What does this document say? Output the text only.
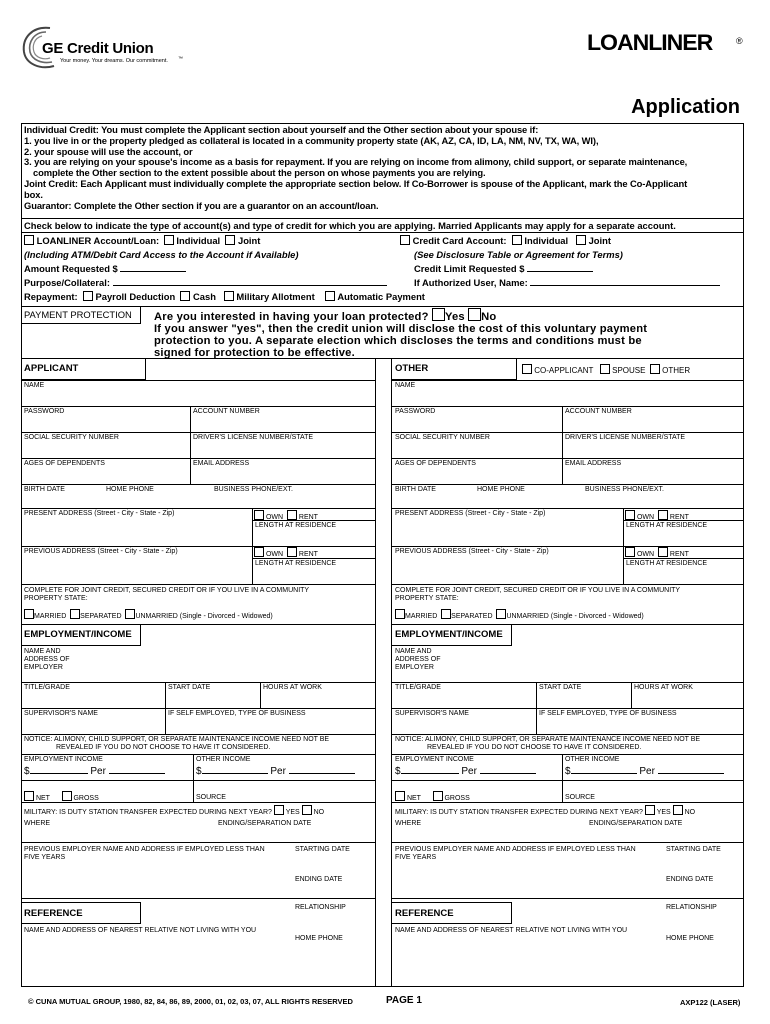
GE Credit Union
Your money. Your dreams. Our commitment. ™
LOANLINER	®
Application
Individual Credit: You must complete the Applicant section about yourself and the Other section about your spouse if:
1. you live in or the property pledged as collateral is located in a community property state (AK, AZ, CA, ID, LA, NM, NV, TX, WA, WI),
2. your spouse will use the account, or
3. you are relying on your spouse's income as a basis for repayment. If you are relying on income from alimony, child support, or separate maintenance,
complete the Other section to the extent possible about the person on whose payments you are relying.
Joint Credit: Each Applicant must individually complete the appropriate section below. If Co-Borrower is spouse of the Applicant, mark the Co-Applicant
box.
Guarantor: Complete the Other section if you are a guarantor on an account/loan.
Check below to indicate the type of account(s) and type of credit for which you are applying. Married Applicants may apply for a separate account.
LOANLINER Account/Loan: Individual Joint
(Including ATM/Debit Card Access to the Account if Available)
Amount Requested $
Purpose/Collateral:
Repayment: Payroll Deduction Cash Military Allotment Automatic Payment
Credit Card Account: Individual Joint
(See Disclosure Table or Agreement for Terms)
Credit Limit Requested $
If Authorized User, Name:
PAYMENT PROTECTION	Are you interested in having your loan protected? Yes No
If you answer "yes", then the credit union will disclose the cost of this voluntary payment
protection to you. A separate election which discloses the terms and conditions must be
signed for protection to be effective.
APPLICANT
NAME
PASSWORD	ACCOUNT NUMBER
SOCIAL SECURITY NUMBER	DRIVER'S LICENSE NUMBER/STATE
AGES OF DEPENDENTS	EMAIL ADDRESS
BIRTH DATE	HOME PHONE	BUSINESS PHONE/EXT.
PRESENT ADDRESS (Street - City - State - Zip)
OWN RENT
LENGTH AT RESIDENCE
PREVIOUS ADDRESS (Street - City - State - Zip)	OWN RENT
LENGTH AT RESIDENCE
COMPLETE FOR JOINT CREDIT, SECURED CREDIT OR IF YOU LIVE IN A COMMUNITY
PROPERTY STATE:
MARRIED SEPARATED UNMARRIED (Single - Divorced - Widowed)
EMPLOYMENT/INCOME
NAME AND
ADDRESS OF
EMPLOYER
TITLE/GRADE	START DATE	HOURS AT WORK
SUPERVISOR'S NAME	IF SELF EMPLOYED, TYPE OF BUSINESS
NOTICE: ALIMONY, CHILD SUPPORT, OR SEPARATE MAINTENANCE INCOME NEED NOT BE
REVEALED IF YOU DO NOT CHOOSE TO HAVE IT CONSIDERED.
EMPLOYMENT INCOME	OTHER INCOME
$	Per	$	Per
NET	GROSS	SOURCE
MILITARY: IS DUTY STATION TRANSFER EXPECTED DURING NEXT YEAR? YES NO
WHERE	ENDING/SEPARATION DATE
PREVIOUS EMPLOYER NAME AND ADDRESS IF EMPLOYED LESS THAN
FIVE YEARS
STARTING DATE
ENDING DATE
REFERENCE
RELATIONSHIP
NAME AND ADDRESS OF NEAREST RELATIVE NOT LIVING WITH YOU
HOME PHONE
OTHER	CO-APPLICANT SPOUSE OTHER
NAME
PASSWORD	ACCOUNT NUMBER
SOCIAL SECURITY NUMBER	DRIVER'S LICENSE NUMBER/STATE
AGES OF DEPENDENTS	EMAIL ADDRESS
BIRTH DATE	HOME PHONE	BUSINESS PHONE/EXT.
PRESENT ADDRESS (Street - City - State - Zip)
OWN RENT
LENGTH AT RESIDENCE
PREVIOUS ADDRESS (Street - City - State - Zip)	OWN RENT
LENGTH AT RESIDENCE
COMPLETE FOR JOINT CREDIT, SECURED CREDIT OR IF YOU LIVE IN A COMMUNITY
PROPERTY STATE:
MARRIED SEPARATED UNMARRIED (Single - Divorced - Widowed)
EMPLOYMENT/INCOME
NAME AND
ADDRESS OF
EMPLOYER
TITLE/GRADE	START DATE	HOURS AT WORK
SUPERVISOR'S NAME	IF SELF EMPLOYED, TYPE OF BUSINESS
NOTICE: ALIMONY, CHILD SUPPORT, OR SEPARATE MAINTENANCE INCOME NEED NOT BE
REVEALED IF YOU DO NOT CHOOSE TO HAVE IT CONSIDERED.
EMPLOYMENT INCOME	OTHER INCOME
$	Per	$	Per
NET	GROSS	SOURCE
MILITARY: IS DUTY STATION TRANSFER EXPECTED DURING NEXT YEAR? YES NO
WHERE	ENDING/SEPARATION DATE
PREVIOUS EMPLOYER NAME AND ADDRESS IF EMPLOYED LESS THAN
FIVE YEARS
STARTING DATE
ENDING DATE
REFERENCE
RELATIONSHIP
NAME AND ADDRESS OF NEAREST RELATIVE NOT LIVING WITH YOU
HOME PHONE
© CUNA MUTUAL GROUP, 1980, 82, 84, 86, 89, 2000, 01, 02, 03, 07, ALL RIGHTS RESERVED	PAGE 1	AXP122 (LASER)
